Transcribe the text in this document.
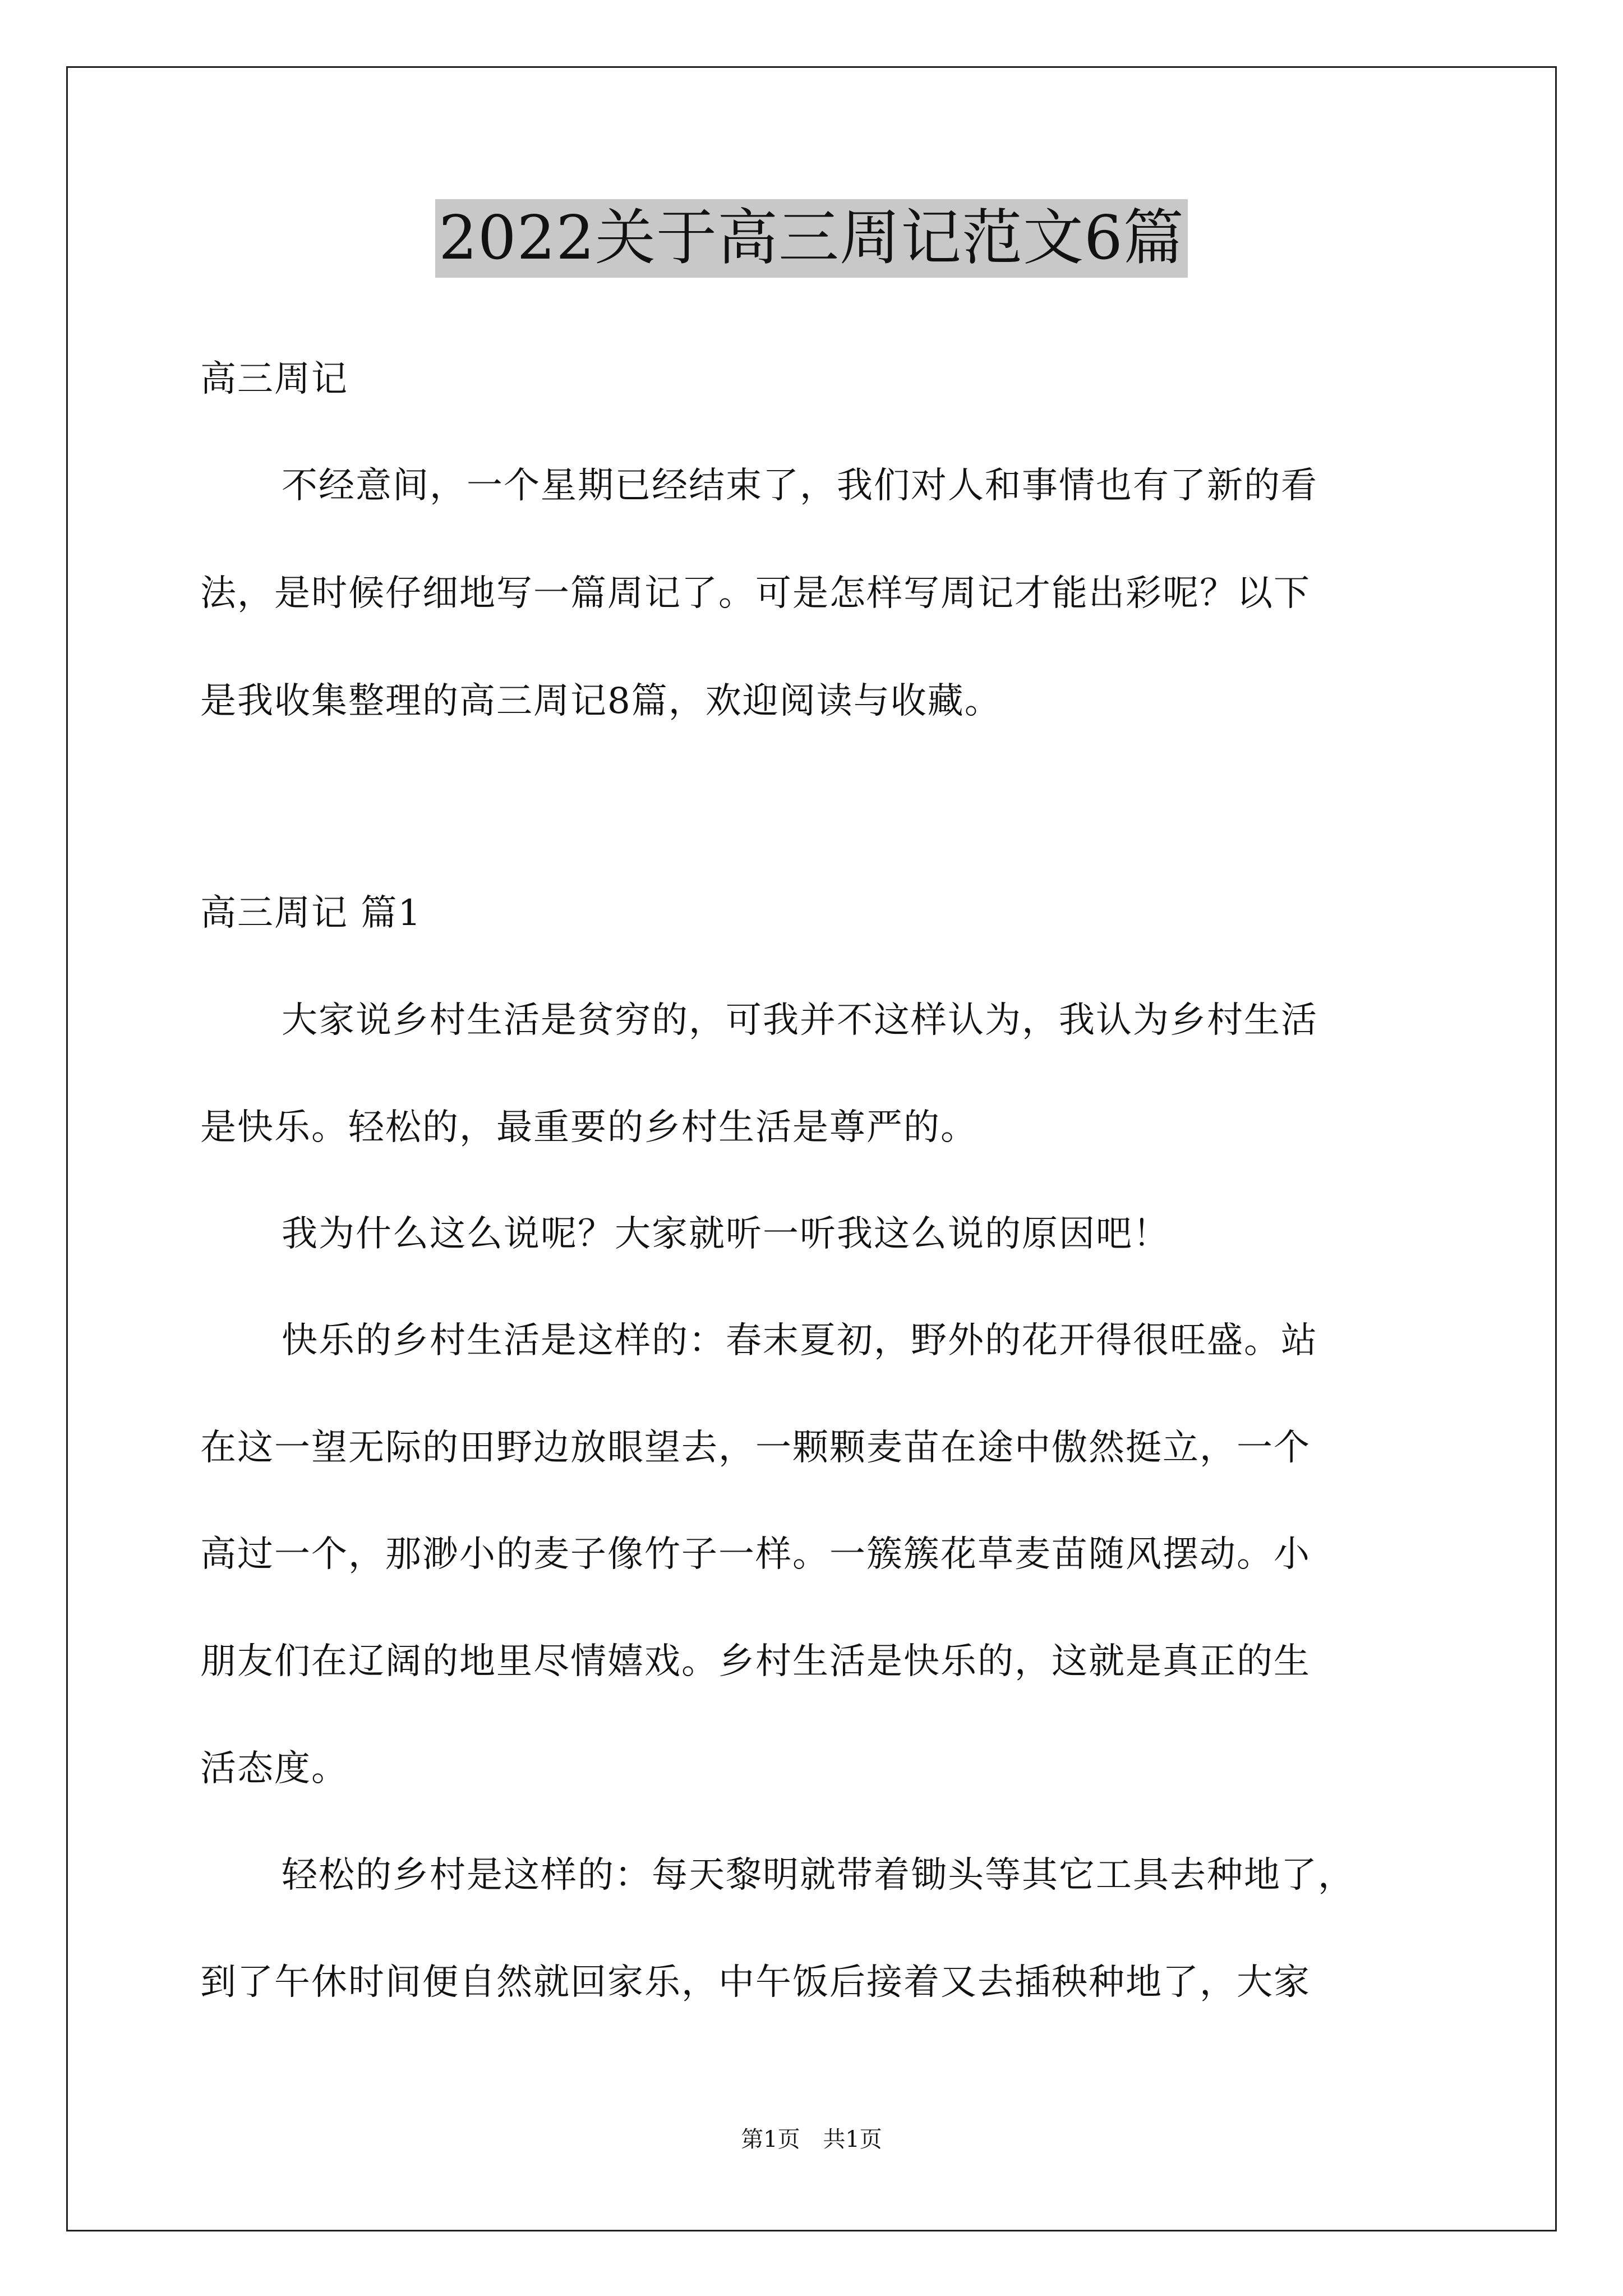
2022关于高三周记范文6篇
高三周记
不经意间，一个星期已经结束了，我们对人和事情也有了新的看
法，是时候仔细地写一篇周记了。可是怎样写周记才能出彩呢？以下
是我收集整理的高三周记8篇，欢迎阅读与收藏。
高三周记 篇1
大家说乡村生活是贫穷的，可我并不这样认为，我认为乡村生活
是快乐。轻松的，最重要的乡村生活是尊严的。
我为什么这么说呢？大家就听一听我这么说的原因吧！
快乐的乡村生活是这样的：春末夏初，野外的花开得很旺盛。站
在这一望无际的田野边放眼望去，一颗颗麦苗在途中傲然挺立，一个
高过一个，那渺小的麦子像竹子一样。一簇簇花草麦苗随风摆动。小
朋友们在辽阔的地里尽情嬉戏。乡村生活是快乐的，这就是真正的生
活态度。
轻松的乡村是这样的：每天黎明就带着锄头等其它工具去种地了，
到了午休时间便自然就回家乐，中午饭后接着又去插秧种地了，大家
第1页 共1页
